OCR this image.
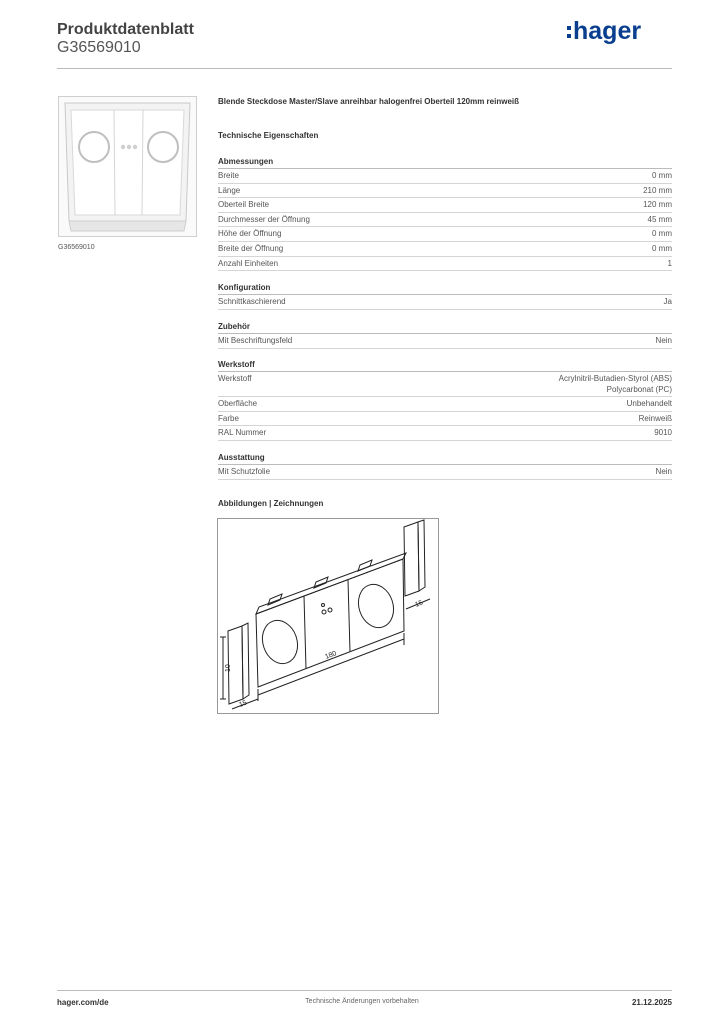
Produktdatenblatt
G36569010
hager
G36569010
Blende Steckdose Master/Slave anreihbar halogenfrei Oberteil 120mm reinweiß
Technische Eigenschaften
Abmessungen
Breite	0 mm
Länge	210 mm
Oberteil Breite	120 mm
Durchmesser der Öffnung	45 mm
Höhe der Öffnung	0 mm
Breite der Öffnung	0 mm
Anzahl Einheiten	1
Konfiguration
Schnittkaschierend	Ja
Zubehör
Mit Beschriftungsfeld	Nein
Werkstoff
Werkstoff	Acrylnitril-Butadien-Styrol (ABS)
Polycarbonat (PC)
Oberfläche	Unbehandelt
Farbe	Reinweiß
RAL Nummer	9010
Ausstattung
Mit Schutzfolie	Nein
Abbildungen | Zeichnungen
180
15
15
10
Technische Änderungen vorbehalten
hager.com/de	21.12.2025
